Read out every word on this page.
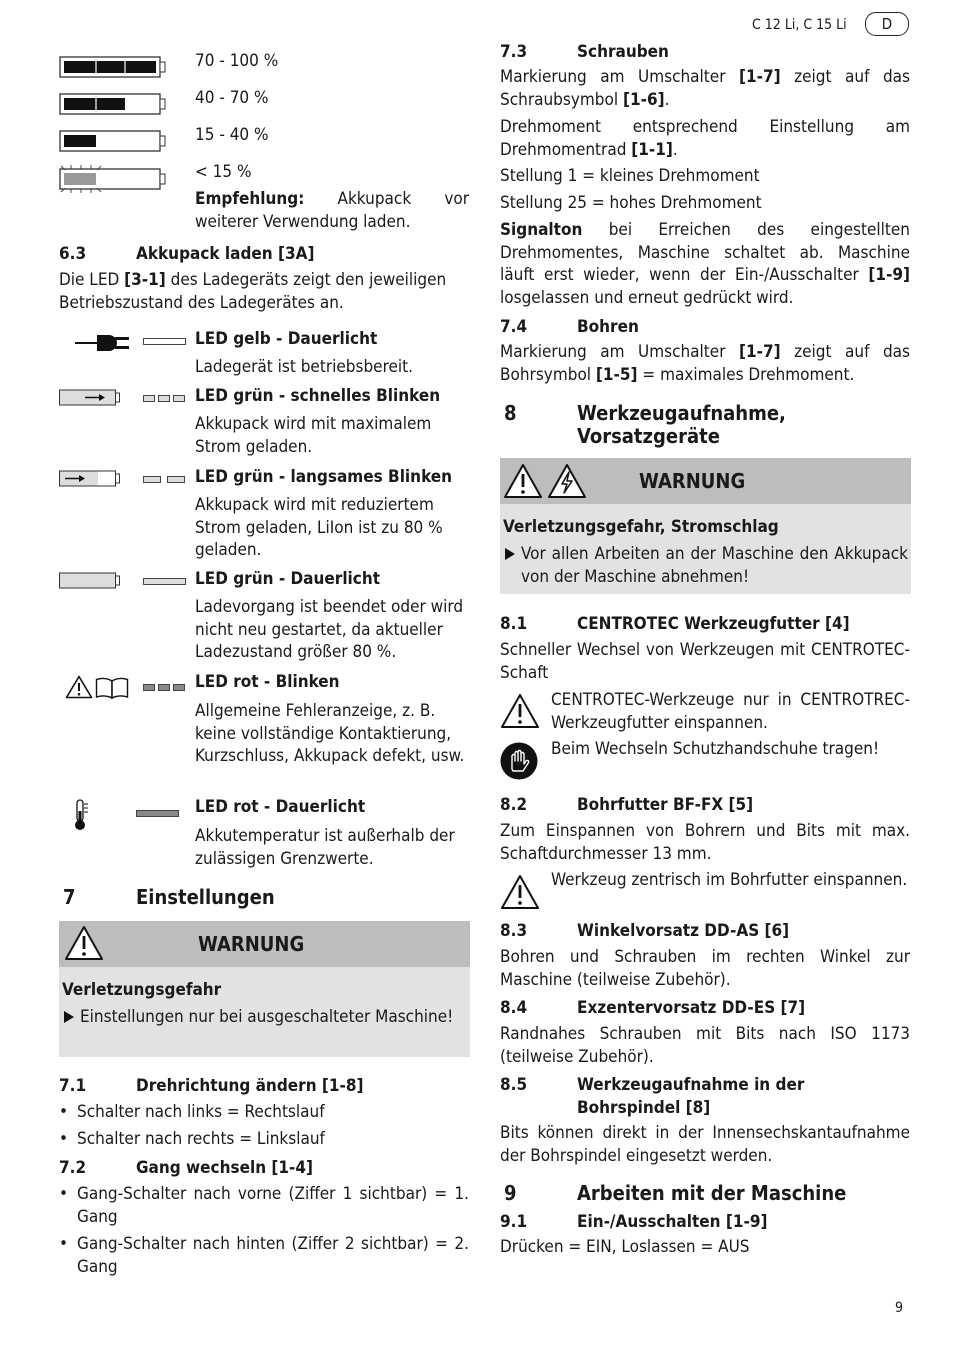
C 12 Li, C 15 Li	D
70 - 100 %
40 - 70 %
15 - 40 %
< 15 %
Empfehlung: Akkupack vor weiterer Verwendung laden.
6.3	Akkupack laden [3A]
Die LED [3-1] des Ladegeräts zeigt den jeweiligen Betriebszustand des Ladegerätes an.
LED gelb - Dauerlicht
Ladegerät ist betriebsbereit.
LED grün - schnelles Blinken
Akkupack wird mit maximalem Strom geladen.
LED grün - langsames Blinken
Akkupack wird mit reduziertem Strom geladen, LiIon ist zu 80 % geladen.
LED grün - Dauerlicht
Ladevorgang ist beendet oder wird nicht neu gestartet, da aktueller Ladezustand größer 80 %.
LED rot - Blinken
Allgemeine Fehleranzeige, z. B. keine vollständige Kontaktierung, Kurzschluss, Akkupack defekt, usw.
LED rot - Dauerlicht
Akkutemperatur ist außerhalb der zulässigen Grenzwerte.
7	Einstellungen
WARNUNG
Verletzungsgefahr
Einstellungen nur bei ausgeschalteter Maschine!
7.1	Drehrichtung ändern [1-8]
• Schalter nach links = Rechtslauf
• Schalter nach rechts = Linkslauf
7.2	Gang wechseln [1-4]
• Gang-Schalter nach vorne (Ziffer 1 sichtbar) = 1. Gang
• Gang-Schalter nach hinten (Ziffer 2 sichtbar) = 2. Gang
7.3	Schrauben
Markierung am Umschalter [1-7] zeigt auf das Schraubsymbol [1-6].
Drehmoment entsprechend Einstellung am Drehmomentrad [1-1].
Stellung 1 = kleines Drehmoment
Stellung 25 = hohes Drehmoment
Signalton bei Erreichen des eingestellten Drehmomentes, Maschine schaltet ab. Maschine läuft erst wieder, wenn der Ein-/Ausschalter [1-9] losgelassen und erneut gedrückt wird.
7.4	Bohren
Markierung am Umschalter [1-7] zeigt auf das Bohrsymbol [1-5] = maximales Drehmoment.
8	Werkzeugaufnahme, Vorsatzgeräte
WARNUNG
Verletzungsgefahr, Stromschlag
Vor allen Arbeiten an der Maschine den Akkupack von der Maschine abnehmen!
8.1	CENTROTEC Werkzeugfutter [4]
Schneller Wechsel von Werkzeugen mit CENTROTEC-Schaft
CENTROTEC-Werkzeuge nur in CENTROTREC-Werkzeugfutter einspannen.
Beim Wechseln Schutzhandschuhe tragen!
8.2	Bohrfutter BF-FX [5]
Zum Einspannen von Bohrern und Bits mit max. Schaftdurchmesser 13 mm.
Werkzeug zentrisch im Bohrfutter einspannen.
8.3	Winkelvorsatz DD-AS [6]
Bohren und Schrauben im rechten Winkel zur Maschine (teilweise Zubehör).
8.4	Exzentervorsatz DD-ES [7]
Randnahes Schrauben mit Bits nach ISO 1173 (teilweise Zubehör).
8.5	Werkzeugaufnahme in der Bohrspindel [8]
Bits können direkt in der Innensechskantaufnahme der Bohrspindel eingesetzt werden.
9	Arbeiten mit der Maschine
9.1	Ein-/Ausschalten [1-9]
Drücken = EIN, Loslassen = AUS
9
